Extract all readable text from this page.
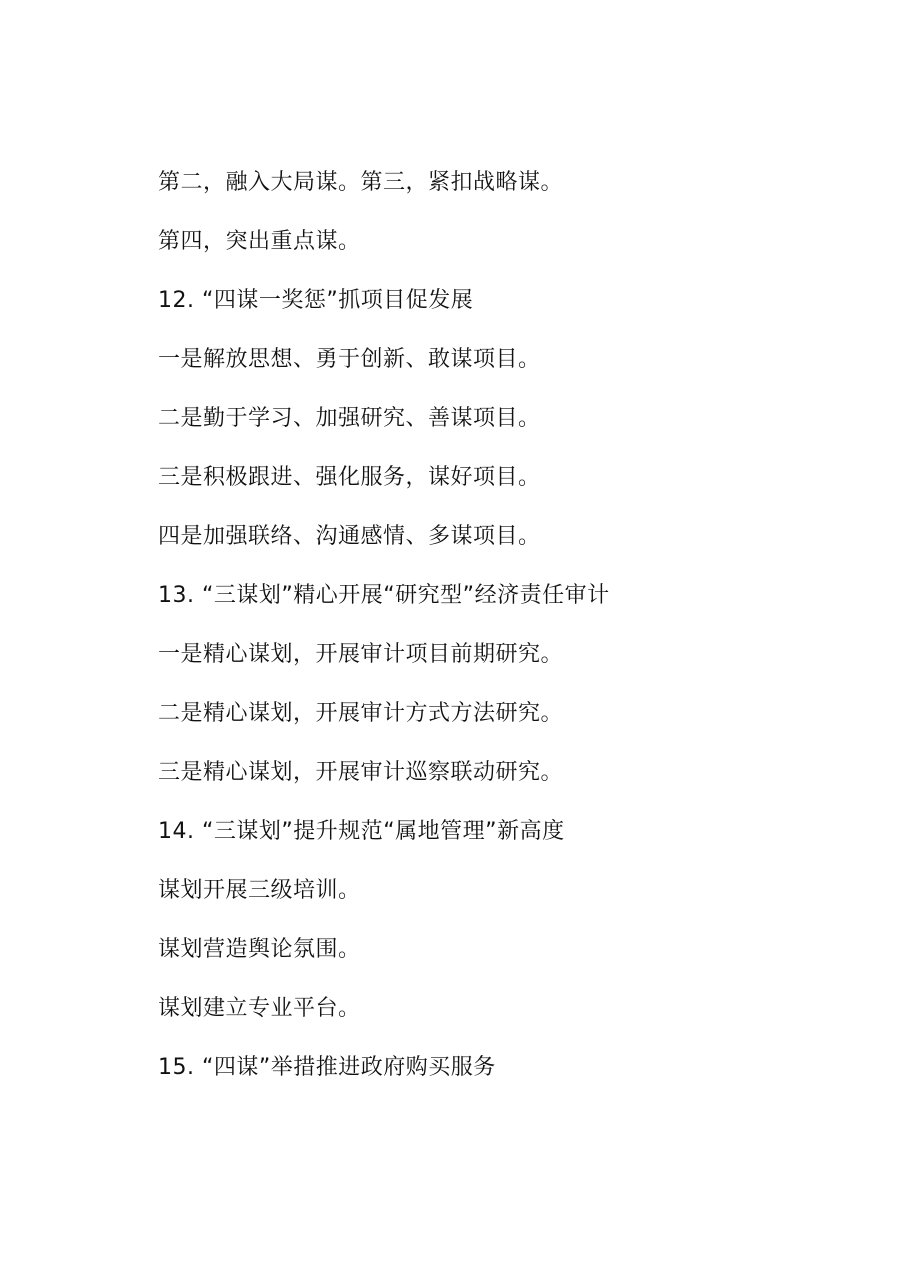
第二，融入大局谋。第三，紧扣战略谋。
第四，突出重点谋。
12. “四谋一奖惩”抓项目促发展
一是解放思想、勇于创新、敢谋项目。
二是勤于学习、加强研究、善谋项目。
三是积极跟进、强化服务，谋好项目。
四是加强联络、沟通感情、多谋项目。
13. “三谋划”精心开展“研究型”经济责任审计
一是精心谋划，开展审计项目前期研究。
二是精心谋划，开展审计方式方法研究。
三是精心谋划，开展审计巡察联动研究。
14. “三谋划”提升规范“属地管理”新高度
谋划开展三级培训。
谋划营造舆论氛围。
谋划建立专业平台。
15. “四谋”举措推进政府购买服务
